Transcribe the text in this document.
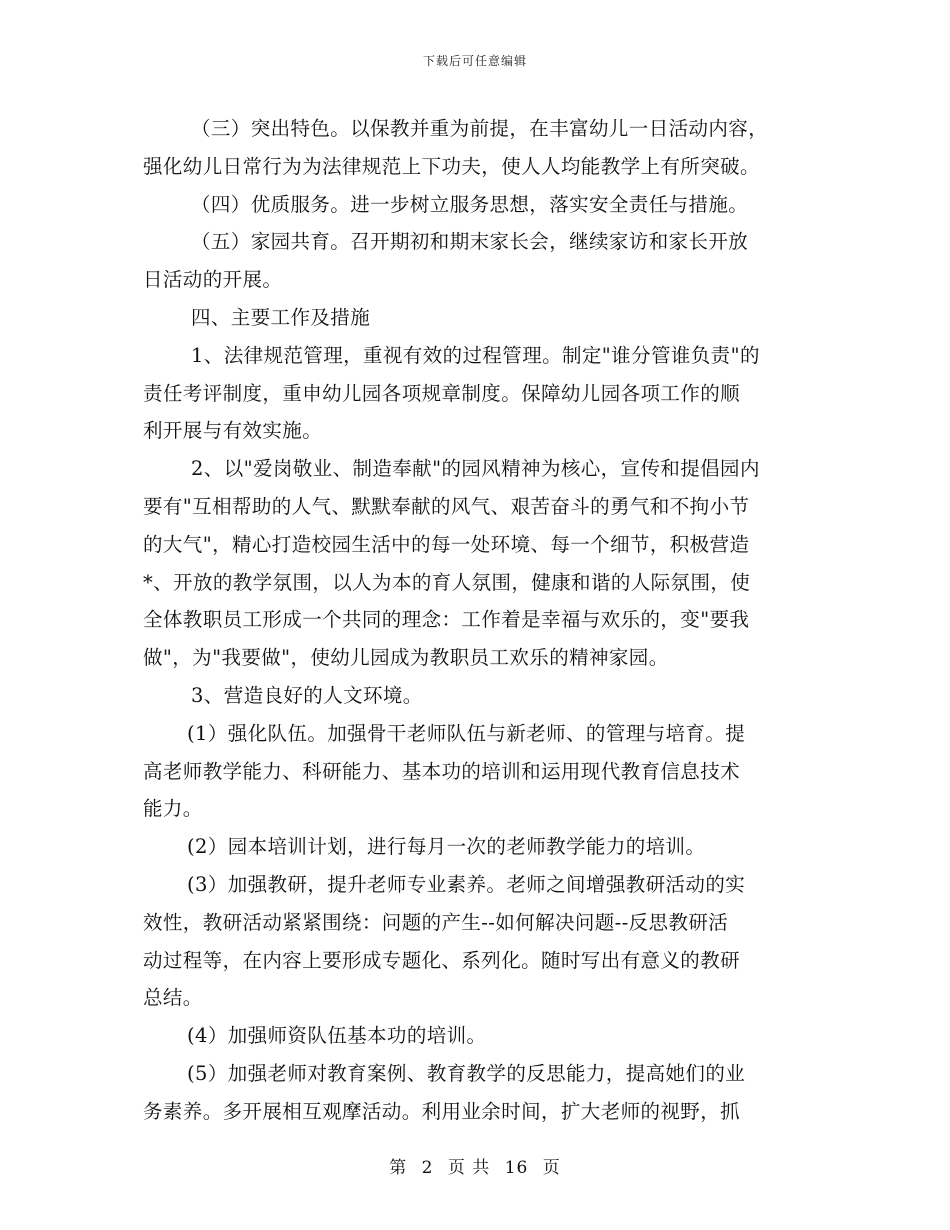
下载后可任意编辑
（三）突出特色。以保教并重为前提，在丰富幼儿一日活动内容，
强化幼儿日常行为为法律规范上下功夫，使人人均能教学上有所突破。
（四）优质服务。进一步树立服务思想，落实安全责任与措施。
（五）家园共育。召开期初和期末家长会，继续家访和家长开放
日活动的开展。
四、主要工作及措施
1、法律规范管理，重视有效的过程管理。制定"谁分管谁负责"的
责任考评制度，重申幼儿园各项规章制度。保障幼儿园各项工作的顺
利开展与有效实施。
2、以"爱岗敬业、制造奉献"的园风精神为核心，宣传和提倡园内
要有"互相帮助的人气、默默奉献的风气、艰苦奋斗的勇气和不拘小节
的大气"，精心打造校园生活中的每一处环境、每一个细节，积极营造
*、开放的教学氛围，以人为本的育人氛围，健康和谐的人际氛围，使
全体教职员工形成一个共同的理念：工作着是幸福与欢乐的，变"要我
做"，为"我要做"，使幼儿园成为教职员工欢乐的精神家园。
3、营造良好的人文环境。
(1）强化队伍。加强骨干老师队伍与新老师、的管理与培育。提
高老师教学能力、科研能力、基本功的培训和运用现代教育信息技术
能力。
(2）园本培训计划，进行每月一次的老师教学能力的培训。
(3）加强教研，提升老师专业素养。老师之间增强教研活动的实
效性，教研活动紧紧围绕：问题的产生--如何解决问题--反思教研活
动过程等，在内容上要形成专题化、系列化。随时写出有意义的教研
总结。
(4）加强师资队伍基本功的培训。
(5）加强老师对教育案例、教育教学的反思能力，提高她们的业
务素养。多开展相互观摩活动。利用业余时间，扩大老师的视野，抓
第 2 页 共 16 页
